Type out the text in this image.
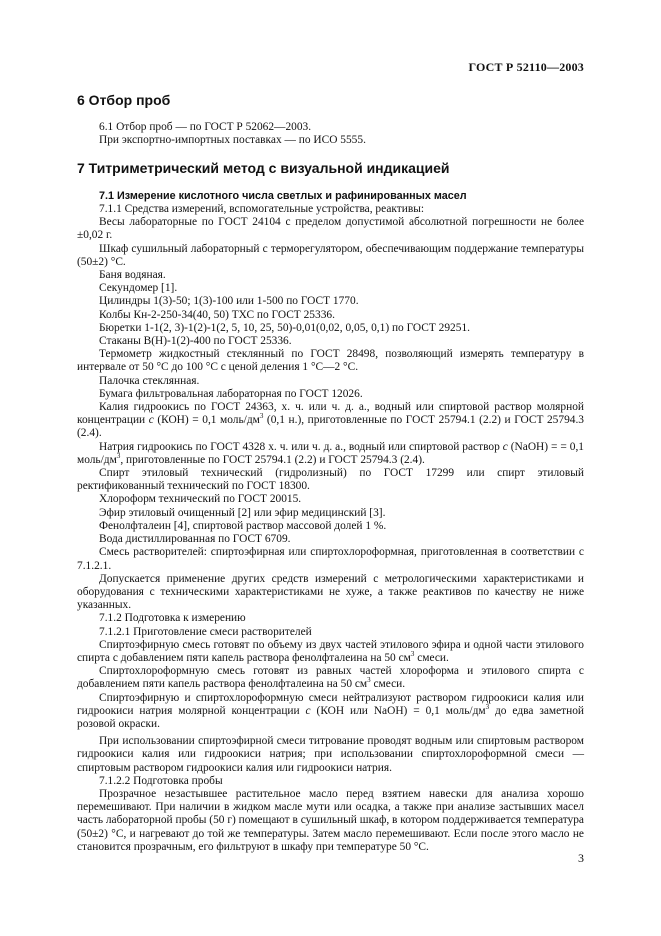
ГОСТ Р 52110—2003
6 Отбор проб

6.1 Отбор проб — по ГОСТ Р 52062—2003.

При экспортно-импортных поставках — по ИСО 5555.

7 Титриметрический метод с визуальной индикацией

7.1 Измерение кислотного числа светлых и рафинированных масел

7.1.1 Средства измерений, вспомогательные устройства, реактивы:

Весы лабораторные по ГОСТ 24104 с пределом допустимой абсолютной погрешности не более ±0,02 г.

Шкаф сушильный лабораторный с терморегулятором, обеспечивающим поддержание температуры (50±2) °С.

Баня водяная.

Секундомер [1].

Цилиндры 1(3)-50; 1(3)-100 или 1-500 по ГОСТ 1770.

Колбы Кн-2-250-34(40, 50) ТХС по ГОСТ 25336.

Бюретки 1-1(2, 3)-1(2)-1(2, 5, 10, 25, 50)-0,01(0,02, 0,05, 0,1) по ГОСТ 29251.

Стаканы В(Н)-1(2)-400 по ГОСТ 25336.

Термометр жидкостный стеклянный по ГОСТ 28498, позволяющий измерять температуру в интервале от 50 °С до 100 °С с ценой деления 1 °С—2 °С.

Палочка стеклянная.

Бумага фильтровальная лабораторная по ГОСТ 12026.

Калия гидроокись по ГОСТ 24363, х. ч. или ч. д. а., водный или спиртовой раствор молярной концентрации c (КОН) = 0,1 моль/$дм^3$ (0,1 н.), приготовленные по ГОСТ 25794.1 (2.2) и ГОСТ 25794.3 (2.4).

Натрия гидроокись по ГОСТ 4328 х. ч. или ч. д. а., водный или спиртовой раствор c (NaOH) = = 0,1 моль/$дм^3$, приготовленные по ГОСТ 25794.1 (2.2) и ГОСТ 25794.3 (2.4).

Спирт этиловый технический (гидролизный) по ГОСТ 17299 или спирт этиловый ректификованный технический по ГОСТ 18300.

Хлороформ технический по ГОСТ 20015.

Эфир этиловый очищенный [2] или эфир медицинский [3].

Фенолфталеин [4], спиртовой раствор массовой долей 1 %.

Вода дистиллированная по ГОСТ 6709.

Смесь растворителей: спиртоэфирная или спиртохлороформная, приготовленная в соответствии с 7.1.2.1.

Допускается применение других средств измерений с метрологическими характеристиками и оборудования с техническими характеристиками не хуже, а также реактивов по качеству не ниже указанных.

7.1.2 Подготовка к измерению

7.1.2.1 Приготовление смеси растворителей

Спиртоэфирную смесь готовят по объему из двух частей этилового эфира и одной части этилового спирта с добавлением пяти капель раствора фенолфталеина на 50 $см^3$ смеси.

Спиртохлороформную смесь готовят из равных частей хлороформа и этилового спирта с добавлением пяти капель раствора фенолфталеина на 50 $см^3$ смеси.

Спиртоэфирную и спиртохлороформную смеси нейтрализуют раствором гидроокиси калия или гидроокиси натрия молярной концентрации c (КОН или NaOH) = 0,1 моль/$дм^3$ до едва заметной розовой окраски.

При использовании спиртоэфирной смеси титрование проводят водным или спиртовым раствором гидроокиси калия или гидроокиси натрия; при использовании спиртохлороформной смеси — спиртовым раствором гидроокиси калия или гидроокиси натрия.

7.1.2.2 Подготовка пробы

Прозрачное незастывшее растительное масло перед взятием навески для анализа хорошо перемешивают. При наличии в жидком масле мути или осадка, а также при анализе застывших масел часть лабораторной пробы (50 г) помещают в сушильный шкаф, в котором поддерживается температура (50±2) °С, и нагревают до той же температуры. Затем масло перемешивают. Если после этого масло не становится прозрачным, его фильтруют в шкафу при температуре 50 °С.

3
